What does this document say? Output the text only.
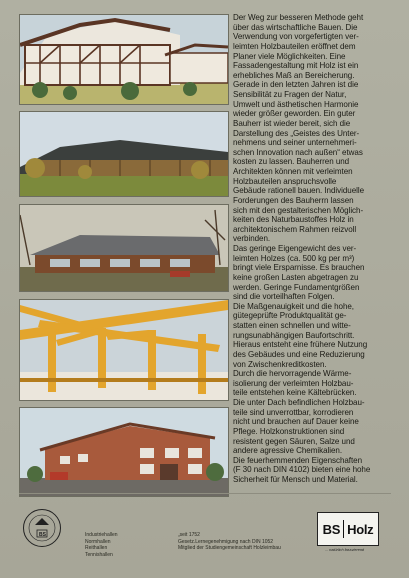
Der Weg zur besseren Methode geht
über das wirtschaftliche Bauen. Die
Verwendung von vorgefertigten ver-
leimten Holzbauteilen eröffnet dem
Planer viele Möglichkeiten. Eine
Fassadengestaltung mit Holz ist ein
erhebliches Maß an Bereicherung.
Gerade in den letzten Jahren ist die
Sensibilität zu Fragen der Natur,
Umwelt und ästhetischen Harmonie
wieder größer geworden. Ein guter
Bauherr ist wieder bereit, sich die
Darstellung des „Geistes des Unter-
nehmens und seiner unternehmeri-
schen Innovation nach außen“ etwas
kosten zu lassen. Bauherren und
Architekten können mit verleimten
Holzbauteilen anspruchsvolle
Gebäude rationell bauen. Individuelle
Forderungen des Bauherrn lassen
sich mit den gestalterischen Möglich-
keiten des Naturbaustoffes Holz in
architektonischem Rahmen reizvoll
verbinden.
Das geringe Eigengewicht des ver-
leimten Holzes (ca. 500 kg per m³)
bringt viele Ersparnisse. Es brauchen
keine großen Lasten abgetragen zu
werden. Geringe Fundamentgrößen
sind die vorteilhaften Folgen.
Die Maßgenauigkeit und die hohe,
gütegeprüfte Produktqualität ge-
statten einen schnellen und witte-
rungsunabhängigen Baufortschritt.
Hieraus entsteht eine frühere Nutzung
des Gebäudes und eine Reduzierung
von Zwischenkreditkosten.
Durch die hervorragende Wärme-
isolierung der verleimten Holzbau-
teile entstehen keine Kältebrücken.
Die unter Dach befindlichen Holzbau-
teile sind unverrottbar, korrodieren
nicht und brauchen auf Dauer keine
Pflege. Holzkonstruktionen sind
resistent gegen Säuren, Salze und
andere agressive Chemikalien.
Die feuerhemmenden Eigenschaften
(F 30 nach DIN 4102) bieten eine hohe
Sicherheit für Mensch und Material.
BS	Industriehallen
Normhallen
Reithallen
Tennishallen
„seit 1752
Gesetz.Lernegenehmigung nach DIN 1052
Mitglied der Studiengemeinschaft Holzleimbau
BS Holz
... natürlich fassvierend
